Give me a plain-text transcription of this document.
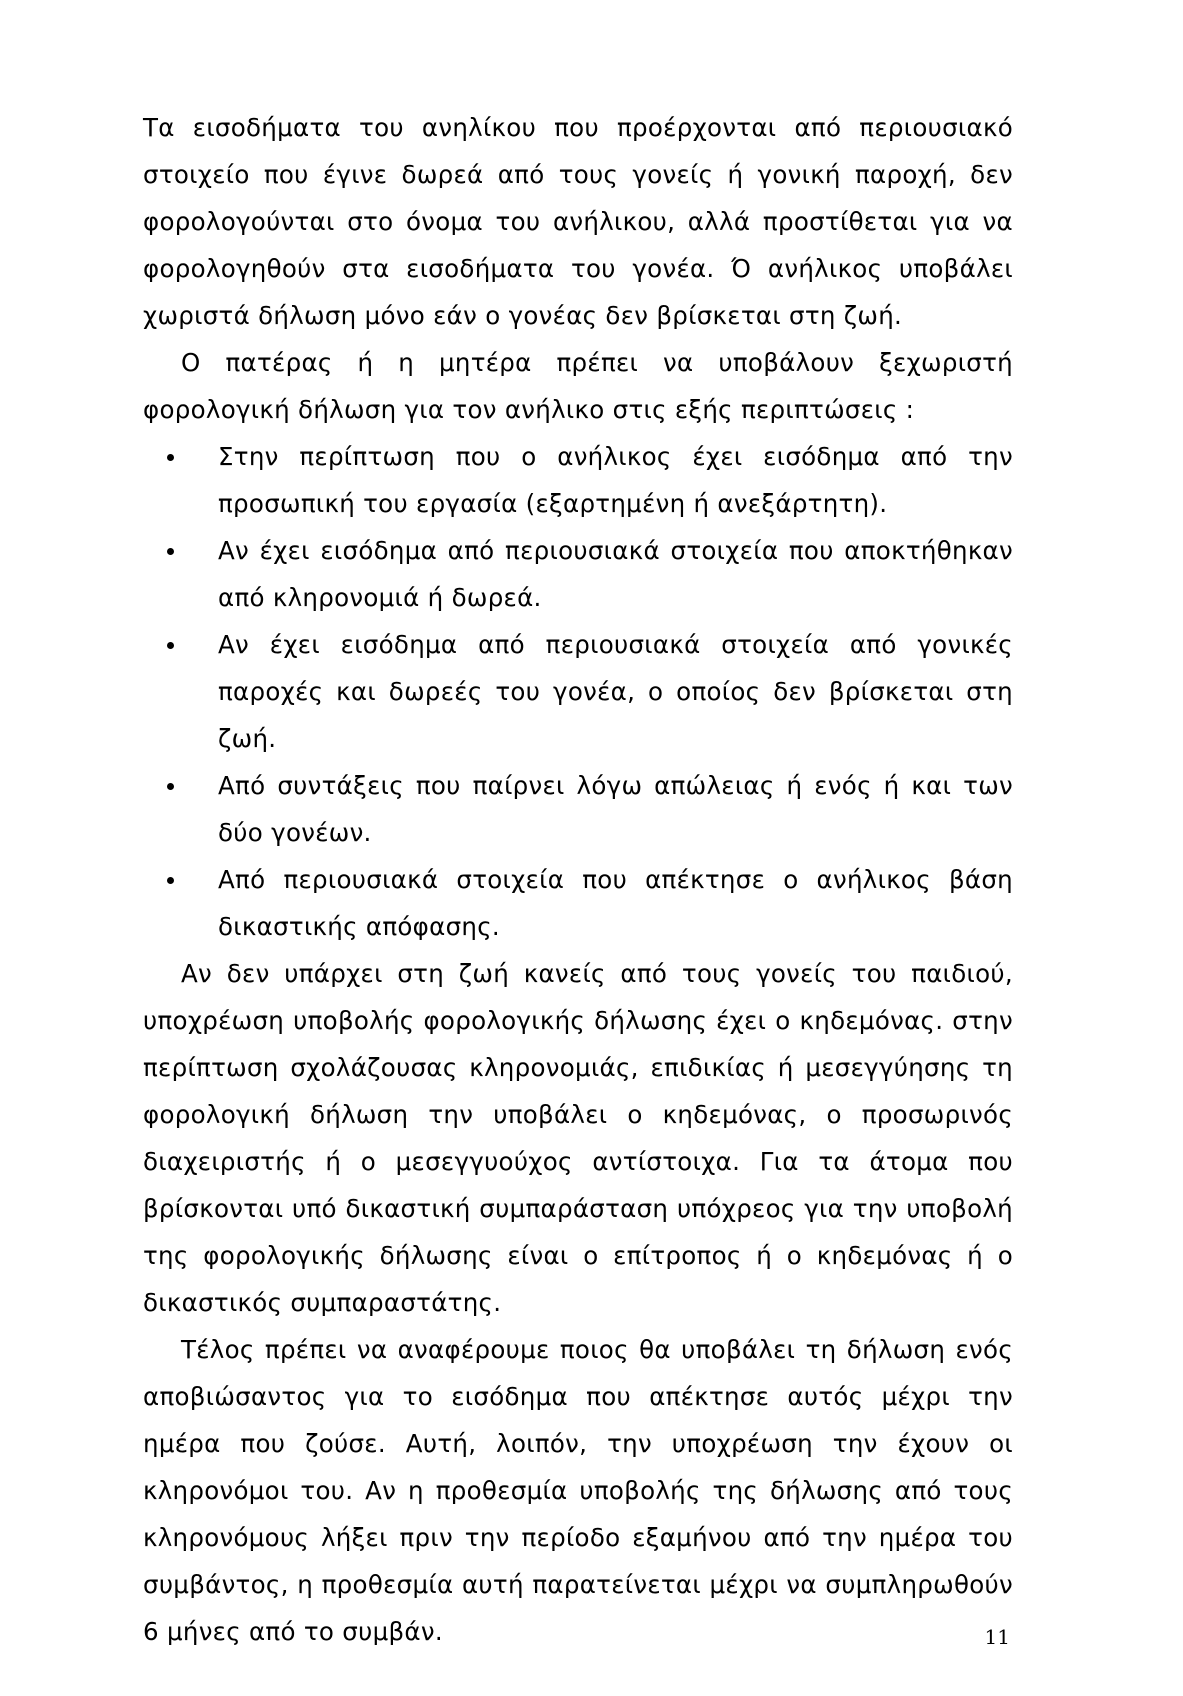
Τα εισοδήματα του ανηλίκου που προέρχονται από περιουσιακό στοιχείο που έγινε δωρεά από τους γονείς ή γονική παροχή, δεν φορολογούνται στο όνομα του ανήλικου, αλλά προστίθεται για να φορολογηθούν στα εισοδήματα του γονέα. Ό ανήλικος υποβάλει χωριστά δήλωση μόνο εάν ο γονέας δεν βρίσκεται στη ζωή.

Ο πατέρας ή η μητέρα πρέπει να υποβάλουν ξεχωριστή φορολογική δήλωση για τον ανήλικο στις εξής περιπτώσεις :

Στην περίπτωση που ο ανήλικος έχει εισόδημα από την προσωπική του εργασία (εξαρτημένη ή ανεξάρτητη).
Αν έχει εισόδημα από περιουσιακά στοιχεία που αποκτήθηκαν από κληρονομιά ή δωρεά.
Αν έχει εισόδημα από περιουσιακά στοιχεία από γονικές παροχές και δωρεές του γονέα, ο οποίος δεν βρίσκεται στη ζωή.
Από συντάξεις που παίρνει λόγω απώλειας ή ενός ή και των δύο γονέων.
Από περιουσιακά στοιχεία που απέκτησε ο ανήλικος βάση δικαστικής απόφασης.

Αν δεν υπάρχει στη ζωή κανείς από τους γονείς του παιδιού, υποχρέωση υποβολής φορολογικής δήλωσης έχει ο κηδεμόνας. στην περίπτωση σχολάζουσας κληρονομιάς, επιδικίας ή μεσεγγύησης τη φορολογική δήλωση την υποβάλει ο κηδεμόνας, ο προσωρινός διαχειριστής ή ο μεσεγγυούχος αντίστοιχα. Για τα άτομα που βρίσκονται υπό δικαστική συμπαράσταση υπόχρεος για την υποβολή της φορολογικής δήλωσης είναι ο επίτροπος ή ο κηδεμόνας ή ο δικαστικός συμπαραστάτης.

Τέλος πρέπει να αναφέρουμε ποιος θα υποβάλει τη δήλωση ενός αποβιώσαντος για το εισόδημα που απέκτησε αυτός μέχρι την ημέρα που ζούσε. Αυτή, λοιπόν, την υποχρέωση την έχουν οι κληρονόμοι του. Αν η προθεσμία υποβολής της δήλωσης από τους κληρονόμους λήξει πριν την περίοδο εξαμήνου από την ημέρα του συμβάντος, η προθεσμία αυτή παρατείνεται μέχρι να συμπληρωθούν 6 μήνες από το συμβάν.	11
